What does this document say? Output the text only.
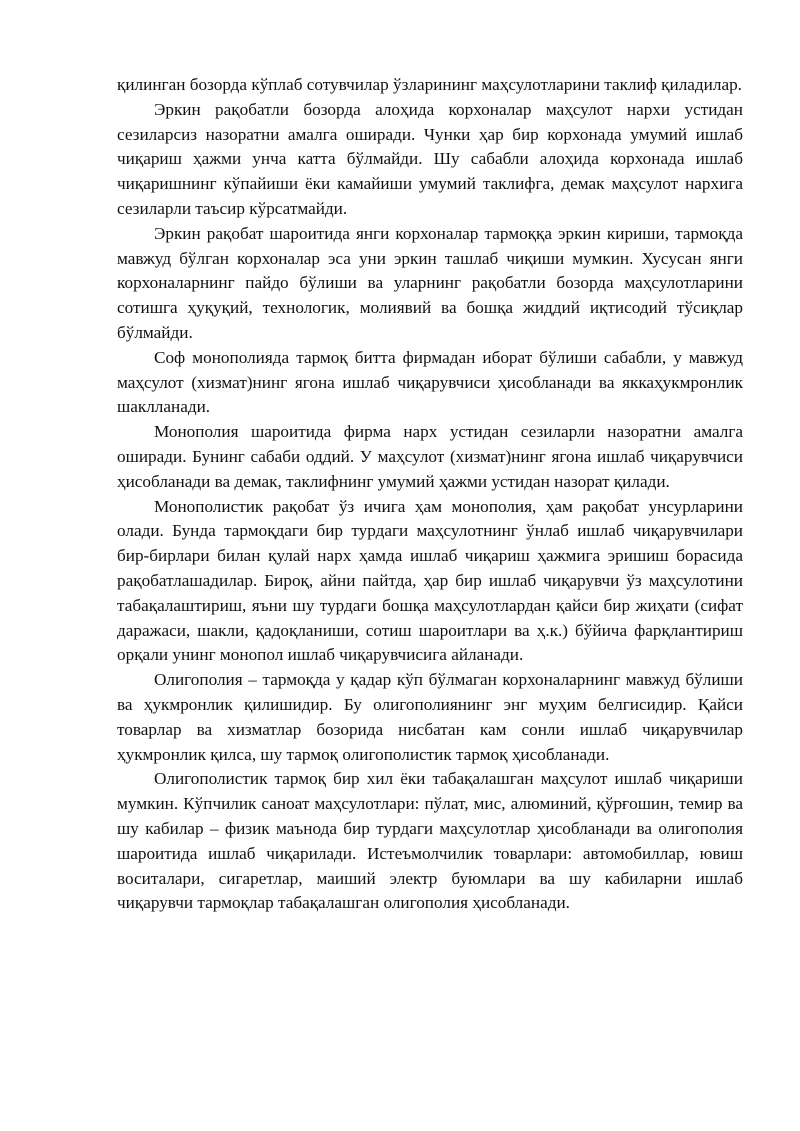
қилинган бозорда кўплаб сотувчилар ўзларининг маҳсулотларини таклиф қиладилар.

Эркин рақобатли бозорда алоҳида корхоналар маҳсулот нархи устидан сезиларсиз назоратни амалга оширади. Чунки ҳар бир корхонада умумий ишлаб чиқариш ҳажми унча катта бўлмайди. Шу сабабли алоҳида корхонада ишлаб чиқаришнинг кўпайиши ёки камайиши умумий таклифга, демак маҳсулот нархига сезиларли таъсир кўрсатмайди.

Эркин рақобат шароитида янги корхоналар тармоққа эркин кириши, тармоқда мавжуд бўлган корхоналар эса уни эркин ташлаб чиқиши мумкин. Хусусан янги корхоналарнинг пайдо бўлиши ва уларнинг рақобатли бозорда маҳсулотларини сотишга ҳуқуқий, технологик, молиявий ва бошқа жиддий иқтисодий тўсиқлар бўлмайди.

Соф монополияда тармоқ битта фирмадан иборат бўлиши сабабли, у мавжуд маҳсулот (хизмат)нинг ягона ишлаб чиқарувчиси ҳисобланади ва яккаҳукмронлик шаклланади.

Монополия шароитида фирма нарх устидан сезиларли назоратни амалга оширади. Бунинг сабаби оддий. У маҳсулот (хизмат)нинг ягона ишлаб чиқарувчиси ҳисобланади ва демак, таклифнинг умумий ҳажми устидан назорат қилади.

Монополистик рақобат ўз ичига ҳам монополия, ҳам рақобат унсурларини олади. Бунда тармоқдаги бир турдаги маҳсулотнинг ўнлаб ишлаб чиқарувчилари бир-бирлари билан қулай нарх ҳамда ишлаб чиқариш ҳажмига эришиш борасида рақобатлашадилар. Бироқ, айни пайтда, ҳар бир ишлаб чиқарувчи ўз маҳсулотини табақалаштириш, яъни шу турдаги бошқа маҳсулотлардан қайси бир жиҳати (сифат даражаси, шакли, қадоқланиши, сотиш шароитлари ва ҳ.к.) бўйича фарқлантириш орқали унинг монопол ишлаб чиқарувчисига айланади.

Олигополия – тармоқда у қадар кўп бўлмаган корхоналарнинг мавжуд бўлиши ва ҳукмронлик қилишидир. Бу олигополиянинг энг муҳим белгисидир. Қайси товарлар ва хизматлар бозорида нисбатан кам сонли ишлаб чиқарувчилар ҳукмронлик қилса, шу тармоқ олигополистик тармоқ ҳисобланади.

Олигополистик тармоқ бир хил ёки табақалашган маҳсулот ишлаб чиқариши мумкин. Кўпчилик саноат маҳсулотлари: пўлат, мис, алюминий, қўрғошин, темир ва шу кабилар – физик маънода бир турдаги маҳсулотлар ҳисобланади ва олигополия шароитида ишлаб чиқарилади. Истеъмолчилик товарлари: автомобиллар, ювиш воситалари, сигаретлар, маиший электр буюмлари ва шу кабиларни ишлаб чиқарувчи тармоқлар табақалашган олигополия ҳисобланади.
